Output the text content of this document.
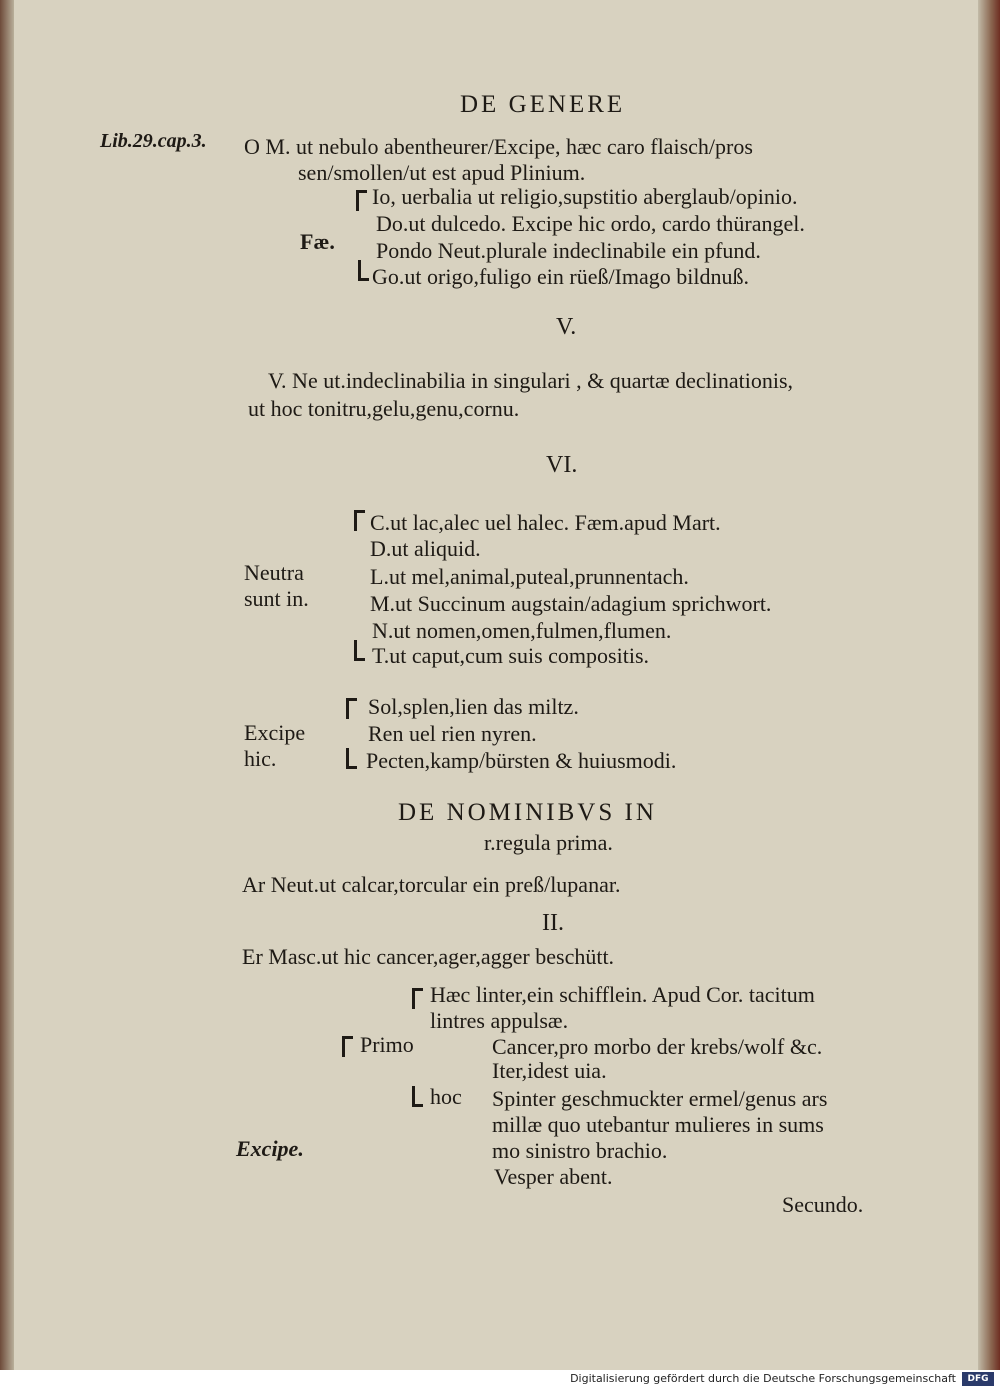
DE GENERE
Lib.29.cap.3. O M. ut nebulo abentheurer/Excipe, hæc caro flaisch/pros
sen/smollen/ut est apud Plinium.
Io, uerbalia ut religio,supstitio aberglaub/opinio.
Do.ut dulcedo. Excipe hic ordo, cardo thürangel.
Fæ. Pondo Neut.plurale indeclinabile ein pfund.
Go.ut origo,fuligo ein rüeß/Imago bildnuß.
V.
V. Ne ut.indeclinabilia in singulari , & quartæ declinationis,
ut hoc tonitru,gelu,genu,cornu.
VI.
C.ut lac,alec uel halec. Fæm.apud Mart.
D.ut aliquid.
Neutra	L.ut mel,animal,puteal,prunnentach.
sunt in.	M.ut Succinum augstain/adagium sprichwort.
N.ut nomen,omen,fulmen,flumen.
T.ut caput,cum suis compositis.
Sol,splen,lien das miltz.
Excipe	Ren uel rien nyren.
hic.	Pecten,kamp/bürsten & huiusmodi.
DE NOMINIBVS IN
r.regula prima.
Ar Neut.ut calcar,torcular ein preß/lupanar.
II.
Er Masc.ut hic cancer,ager,agger beschütt.
Hæc linter,ein schifflein. Apud Cor. tacitum
lintres appulsæ.
Primo	Cancer,pro morbo der krebs/wolf &c.
Iter,idest uia.
hoc Spinter geschmuckter ermel/genus ars
millæ quo utebantur mulieres in sums
Excipe.	mo sinistro brachio.
Vesper abent.
Secundo.
Digitalisierung gefördert durch die Deutsche Forschungsgemeinschaft	DFG
